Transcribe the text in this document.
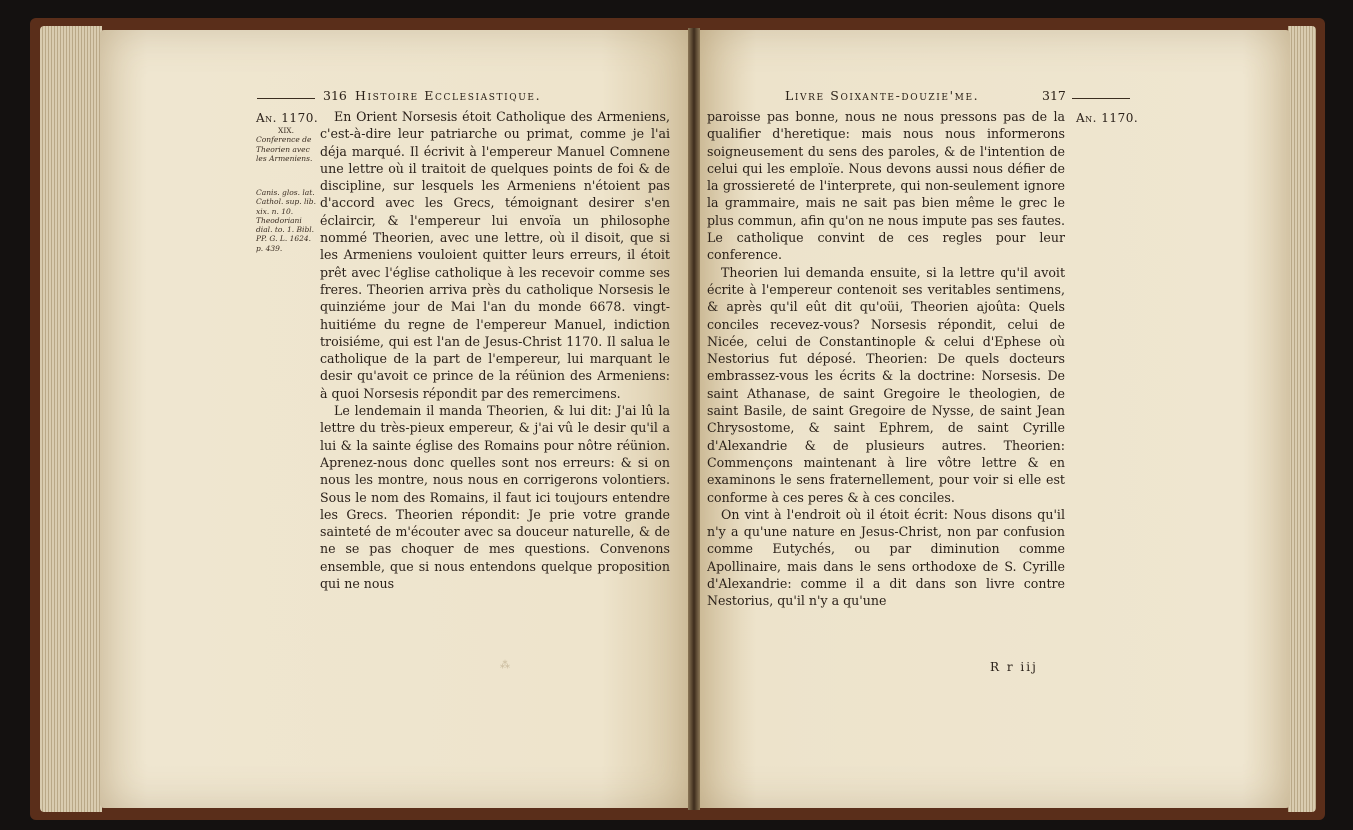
316 Histoire Ecclesiastique.
An. 1170.
XIX.
Conference de Theorien avec les Armeniens.
Canis. glos. lat. Cathol. sup. lib. xix. n. 10. Theodoriani dial. to. 1. Bibl. PP. G. L. 1624. p. 439.

En Orient Norsesis étoit Catholique des Armeniens, c'est-à-dire leur patriarche ou primat, comme je l'ai déja marqué. Il écrivit à l'empereur Manuel Comnene une lettre où il traitoit de quelques points de foi & de discipline, sur lesquels les Armeniens n'étoient pas d'accord avec les Grecs, témoignant desirer s'en éclaircir, & l'empereur lui envoïa un philosophe nommé Theorien, avec une lettre, où il disoit, que si les Armeniens vouloient quitter leurs erreurs, il étoit prêt avec l'église catholique à les recevoir comme ses freres. Theorien arriva près du catholique Norsesis le quinziéme jour de Mai l'an du monde 6678. vingt-huitiéme du regne de l'empereur Manuel, indiction troisiéme, qui est l'an de Jesus-Christ 1170. Il salua le catholique de la part de l'empereur, lui marquant le desir qu'avoit ce prince de la réünion des Armeniens: à quoi Norsesis répondit par des remercimens.

Le lendemain il manda Theorien, & lui dit: J'ai lû la lettre du très-pieux empereur, & j'ai vû le desir qu'il a lui & la sainte église des Romains pour nôtre réünion. Aprenez-nous donc quelles sont nos erreurs: & si on nous les montre, nous nous en corrigerons volontiers. Sous le nom des Romains, il faut ici toujours entendre les Grecs. Theorien répondit: Je prie votre grande sainteté de m'écouter avec sa douceur naturelle, & de ne se pas choquer de mes questions. Convenons ensemble, que si nous entendons quelque proposition qui ne nous

⁂
Livre Soixante-douzie'me.	317
An. 1170.

paroisse pas bonne, nous ne nous pressons pas de la qualifier d'heretique: mais nous nous informerons soigneusement du sens des paroles, & de l'intention de celui qui les emploïe. Nous devons aussi nous défier de la grossiereté de l'interprete, qui non-seulement ignore la grammaire, mais ne sait pas bien même le grec le plus commun, afin qu'on ne nous impute pas ses fautes. Le catholique convint de ces regles pour leur conference.

Theorien lui demanda ensuite, si la lettre qu'il avoit écrite à l'empereur contenoit ses veritables sentimens, & après qu'il eût dit qu'oüi, Theorien ajoûta: Quels conciles recevez-vous? Norsesis répondit, celui de Nicée, celui de Constantinople & celui d'Ephese où Nestorius fut déposé. Theorien: De quels docteurs embrassez-vous les écrits & la doctrine: Norsesis. De saint Athanase, de saint Gregoire le theologien, de saint Basile, de saint Gregoire de Nysse, de saint Jean Chrysostome, & saint Ephrem, de saint Cyrille d'Alexandrie & de plusieurs autres. Theorien: Commençons maintenant à lire vôtre lettre & en examinons le sens fraternellement, pour voir si elle est conforme à ces peres & à ces conciles.

On vint à l'endroit où il étoit écrit: Nous disons qu'il n'y a qu'une nature en Jesus-Christ, non par confusion comme Eutychés, ou par diminution comme Apollinaire, mais dans le sens orthodoxe de S. Cyrille d'Alexandrie: comme il a dit dans son livre contre Nestorius, qu'il n'y a qu'une

R r iij
